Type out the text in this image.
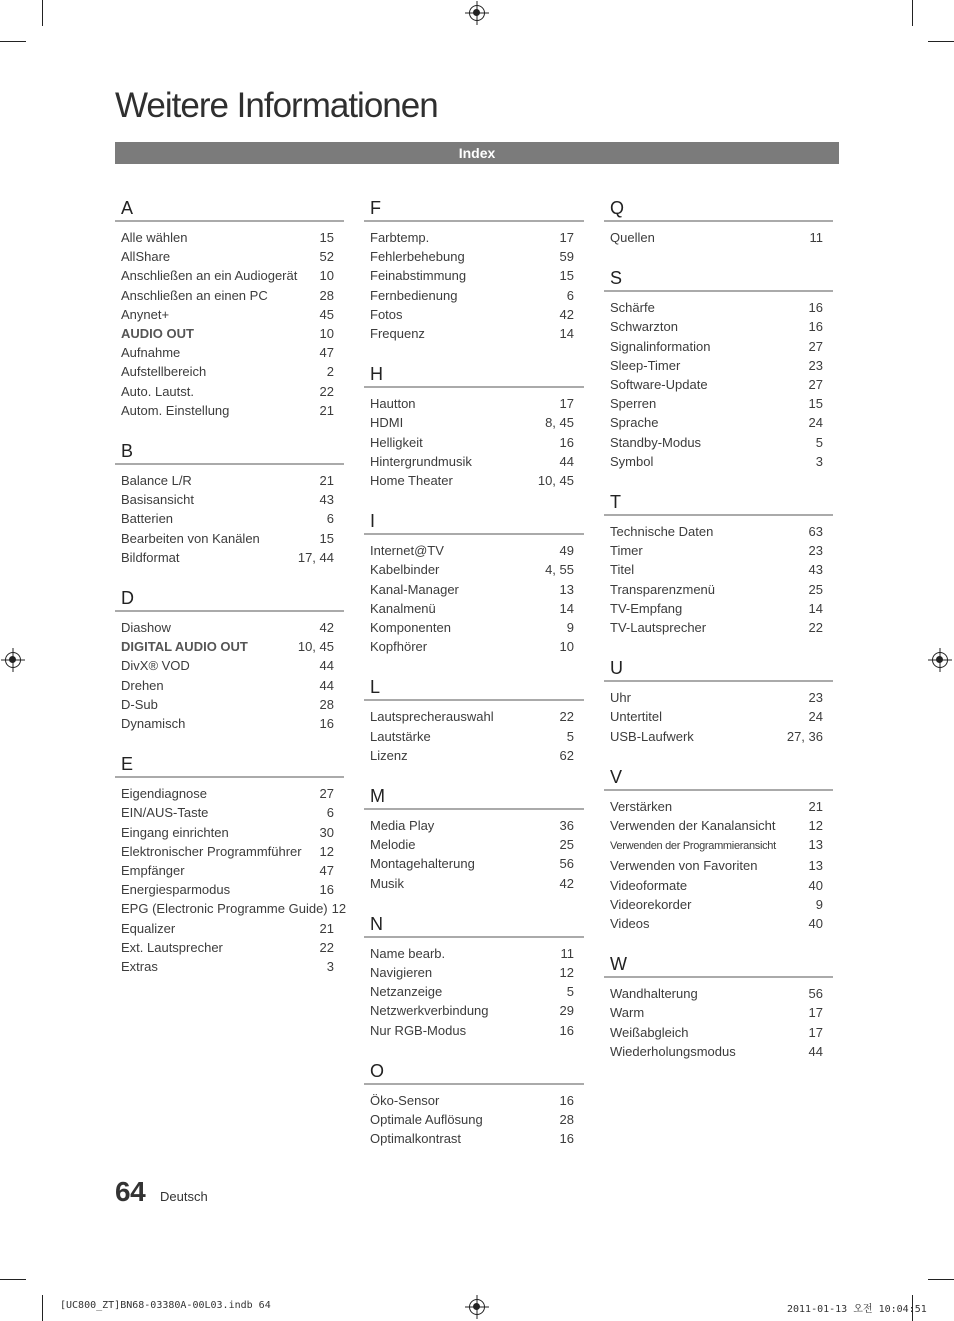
Weitere Informationen
Index
A
Alle wählen	15
AllShare	52
Anschließen an ein Audiogerät	10
Anschließen an einen PC	28
Anynet+	45
AUDIO OUT	10
Aufnahme	47
Aufstellbereich	2
Auto. Lautst.	22
Autom. Einstellung	21
B
Balance L/R	21
Basisansicht	43
Batterien	6
Bearbeiten von Kanälen	15
Bildformat	17, 44
D
Diashow	42
DIGITAL AUDIO OUT	10, 45
DivX® VOD	44
Drehen	44
D-Sub	28
Dynamisch	16
E
Eigendiagnose	27
EIN/AUS-Taste	6
Eingang einrichten	30
Elektronischer Programmführer	12
Empfänger	47
Energiesparmodus	16
EPG (Electronic Programme Guide) 12
Equalizer	21
Ext. Lautsprecher	22
Extras	3
F
Farbtemp.	17
Fehlerbehebung	59
Feinabstimmung	15
Fernbedienung	6
Fotos	42
Frequenz	14
H
Hautton	17
HDMI	8, 45
Helligkeit	16
Hintergrundmusik	44
Home Theater	10, 45
I
Internet@TV	49
Kabelbinder	4, 55
Kanal-Manager	13
Kanalmenü	14
Komponenten	9
Kopfhörer	10
L
Lautsprecherauswahl	22
Lautstärke	5
Lizenz	62
M
Media Play	36
Melodie	25
Montagehalterung	56
Musik	42
N
Name bearb.	11
Navigieren	12
Netzanzeige	5
Netzwerkverbindung	29
Nur RGB-Modus	16
O
Öko-Sensor	16
Optimale Auflösung	28
Optimalkontrast	16
Q
Quellen	11
S
Schärfe	16
Schwarzton	16
Signalinformation	27
Sleep-Timer	23
Software-Update	27
Sperren	15
Sprache	24
Standby-Modus	5
Symbol	3
T
Technische Daten	63
Timer	23
Titel	43
Transparenzmenü	25
TV-Empfang	14
TV-Lautsprecher	22
U
Uhr	23
Untertitel	24
USB-Laufwerk	27, 36
V
Verstärken	21
Verwenden der Kanalansicht	12
Verwenden der Programmieransicht	13
Verwenden von Favoriten	13
Videoformate	40
Videorekorder	9
Videos	40
W
Wandhalterung	56
Warm	17
Weißabgleich	17
Wiederholungsmodus	44
64 Deutsch
[UC800_ZT]BN68-03380A-00L03.indb 64	2011-01-13 오전 10:04:51
